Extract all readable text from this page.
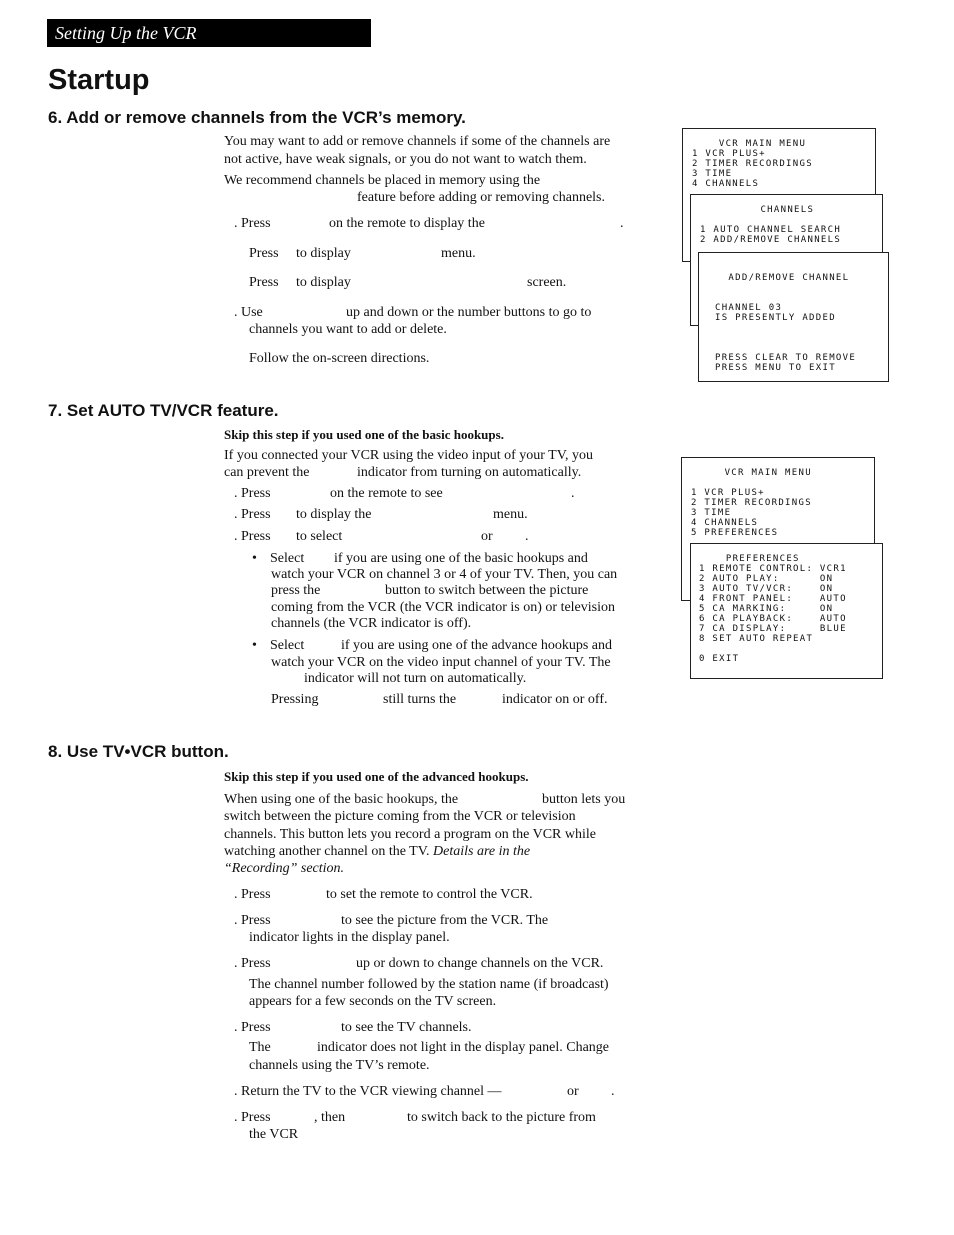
Setting Up the VCR
Startup
6. Add or remove channels from the VCR’s memory.
You may want to add or remove channels if some of the channels are
not active, have weak signals, or you do not want to watch them.
We recommend channels be placed in memory using the
feature before adding or removing channels.
. Press	on the remote to display the	.
Press to display	menu.
Press to display	screen.
. Use	up and down or the number buttons to go to
channels you want to add or delete.
Follow the on-screen directions.
VCR MAIN MENU
1 VCR PLUS+
2 TIMER RECORDINGS
3 TIME
4 CHANNELS
CHANNELS

1 AUTO CHANNEL SEARCH
2 ADD/REMOVE CHANNELS
ADD/REMOVE CHANNEL

CHANNEL 03
IS PRESENTLY ADDED

PRESS CLEAR TO REMOVE
PRESS MENU TO EXIT
7. Set AUTO TV/VCR feature.
Skip this step if you used one of the basic hookups.
If you connected your VCR using the video input of your TV, you
can prevent the	indicator from turning on automatically.
. Press	on the remote to see	.
. Press to display the	menu.
. Press to select	or .
• Select if you are using one of the basic hookups and
watch your VCR on channel 3 or 4 of your TV. Then, you can
press the	button to switch between the picture
coming from the VCR (the VCR indicator is on) or television
channels (the VCR indicator is off).
• Select	if you are using one of the advance hookups and
watch your VCR on the video input channel of your TV. The
indicator will not turn on automatically.
Pressing	still turns the	indicator on or off.
VCR MAIN MENU

1 VCR PLUS+
2 TIMER RECORDINGS
3 TIME
4 CHANNELS
5 PREFERENCES
PREFERENCES
1 REMOTE CONTROL: VCR1
2 AUTO PLAY:      ON
3 AUTO TV/VCR:    ON
4 FRONT PANEL:    AUTO
5 CA MARKING:     ON
6 CA PLAYBACK:    AUTO
7 CA DISPLAY:     BLUE
8 SET AUTO REPEAT

0 EXIT
8. Use TV•VCR button.
Skip this step if you used one of the advanced hookups.
When using one of the basic hookups, the	button lets you
switch between the picture coming from the VCR or television
channels. This button lets you record a program on the VCR while
watching another channel on the TV. Details are in the
“Recording” section.
. Press	to set the remote to control the VCR.
. Press	to see the picture from the VCR. The
indicator lights in the display panel.
. Press	up or down to change channels on the VCR.
The channel number followed by the station name (if broadcast)
appears for a few seconds on the TV screen.
. Press	to see the TV channels.
The	indicator does not light in the display panel. Change
channels using the TV’s remote.
. Return the TV to the VCR viewing channel —	or .
. Press	, then	to switch back to the picture from
the VCR
